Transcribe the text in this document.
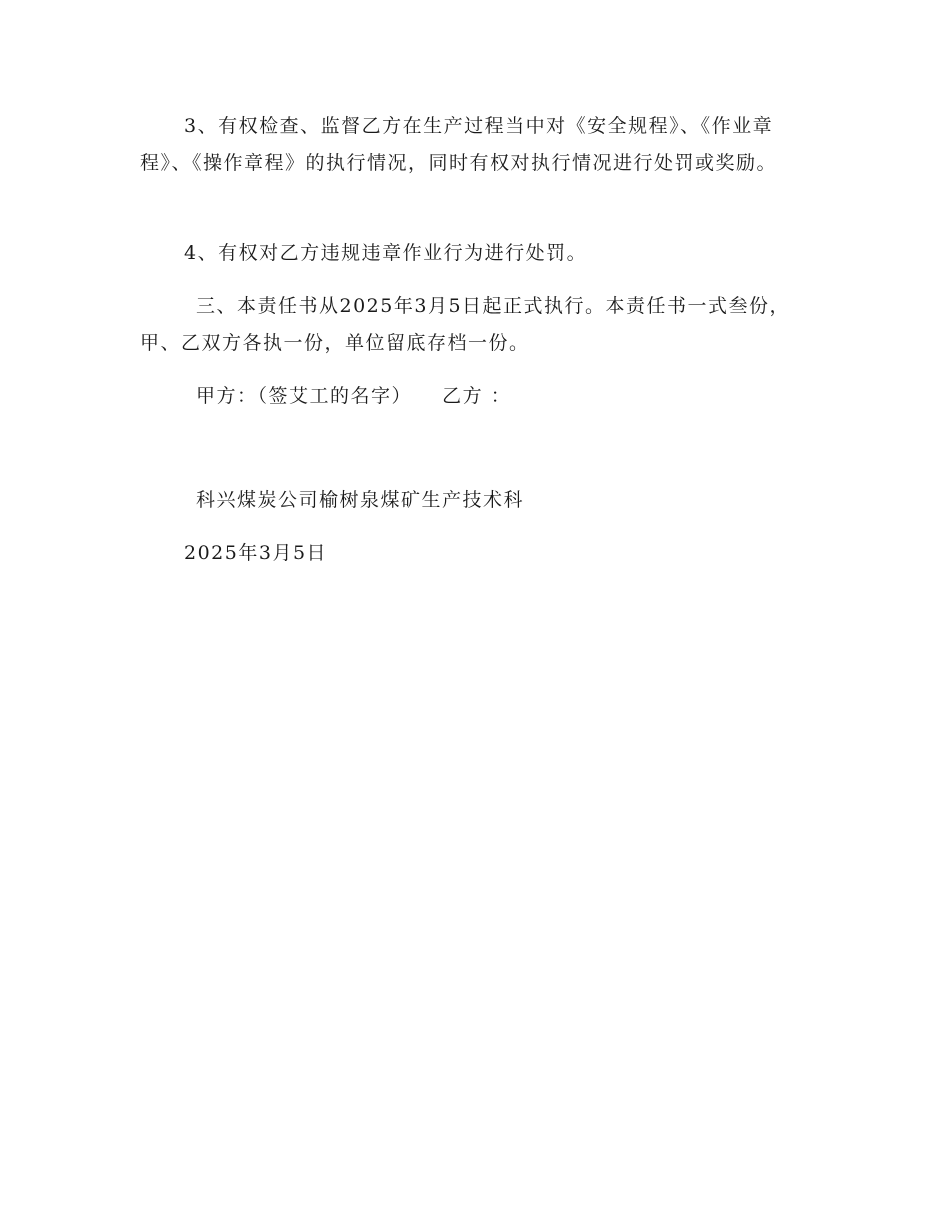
3、有权检查、监督乙方在生产过程当中对《安全规程》、《作业章程》、《操作章程》的执行情况，同时有权对执行情况进行处罚或奖励。

4、有权对乙方违规违章作业行为进行处罚。

三、本责任书从2025年3月5日起正式执行。本责任书一式叁份，甲、乙双方各执一份，单位留底存档一份。

甲方：（签艾工的名字）    乙方 ：

科兴煤炭公司榆树泉煤矿生产技术科

2025年3月5日
